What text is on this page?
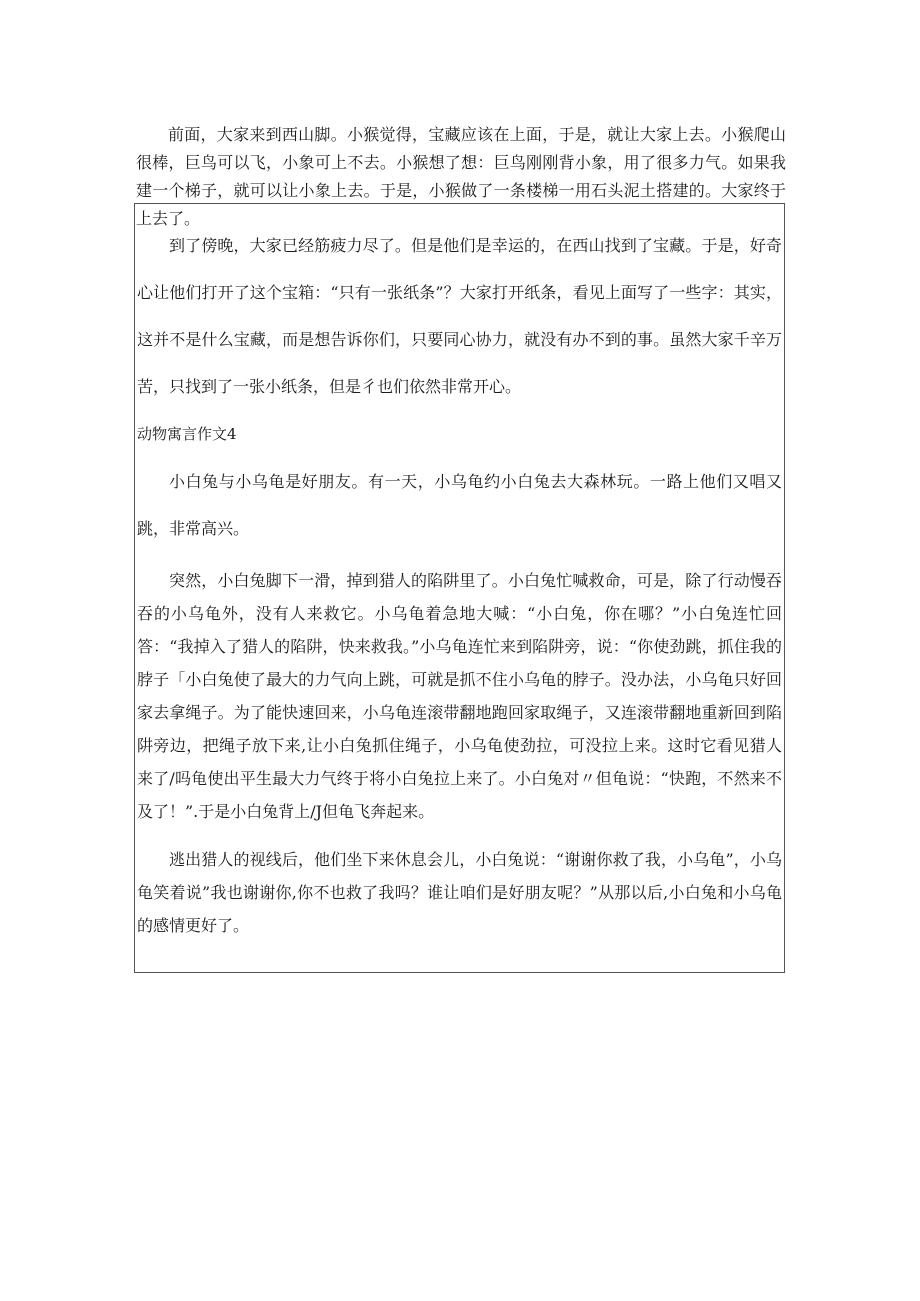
前面，大家来到西山脚。小猴觉得，宝藏应该在上面，于是，就让大家上去。小猴爬山很棒，巨鸟可以飞，小象可上不去。小猴想了想：巨鸟刚刚背小象，用了很多力气。如果我建一个梯子，就可以让小象上去。于是，小猴做了一条楼梯一用石头泥土搭建的。大家终于上去了。

到了傍晚，大家已经筋疲力尽了。但是他们是幸运的，在西山找到了宝藏。于是，好奇心让他们打开了这个宝箱：“只有一张纸条”？大家打开纸条，看见上面写了一些字：其实，这并不是什么宝藏，而是想告诉你们，只要同心协力，就没有办不到的事。虽然大家千辛万苦，只找到了一张小纸条，但是彳也们依然非常开心。

动物寓言作文4

小白兔与小乌龟是好朋友。有一天，小乌龟约小白兔去大森林玩。一路上他们又唱又跳，非常高兴。

突然，小白兔脚下一滑，掉到猎人的陷阱里了。小白兔忙喊救命，可是，除了行动慢吞吞的小乌龟外，没有人来救它。小乌龟着急地大喊：“小白兔，你在哪？”小白兔连忙回答：“我掉入了猎人的陷阱，快来救我。”小乌龟连忙来到陷阱旁，说：“你使劲跳，抓住我的脖子「小白兔使了最大的力气向上跳，可就是抓不住小乌龟的脖子。没办法，小乌龟只好回家去拿绳子。为了能快速回来，小乌龟连滚带翻地跑回家取绳子，又连滚带翻地重新回到陷阱旁边，把绳子放下来,让小白兔抓住绳子，小乌龟使劲拉，可没拉上来。这时它看见猎人来了/吗龟使出平生最大力气终于将小白兔拉上来了。小白兔对〃但龟说：“快跑，不然来不及了！”.于是小白兔背上/J但龟飞奔起来。

逃出猎人的视线后，他们坐下来休息会儿，小白兔说：“谢谢你救了我，小乌龟”，小乌龟笑着说”我也谢谢你,你不也救了我吗？谁让咱们是好朋友呢？”从那以后,小白兔和小乌龟的感情更好了。
